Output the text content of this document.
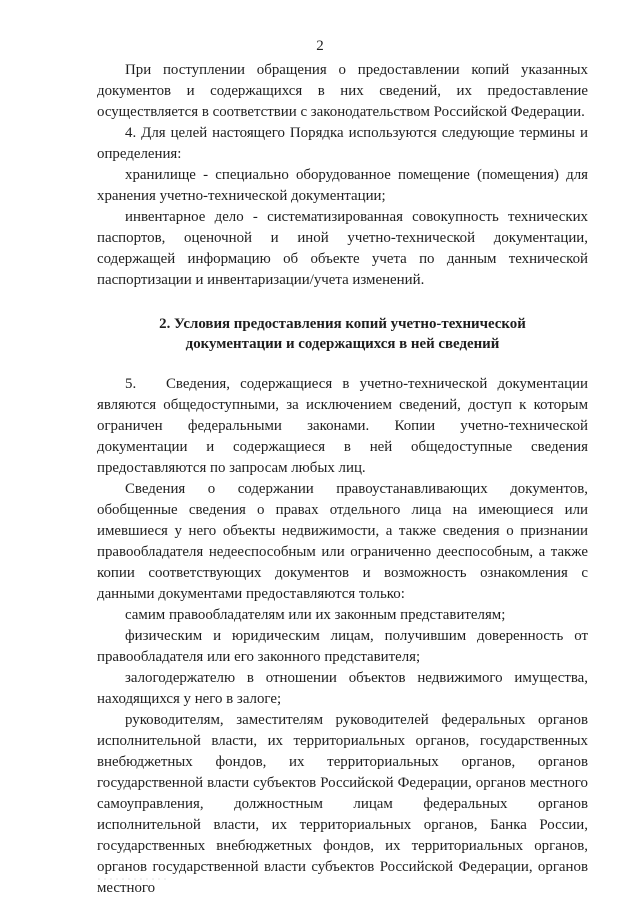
2

При поступлении обращения о предоставлении копий указанных документов и содержащихся в них сведений, их предоставление осуществляется в соответствии с законодательством Российской Федерации.

4. Для целей настоящего Порядка используются следующие термины и определения:

хранилище - специально оборудованное помещение (помещения) для хранения учетно-технической документации;

инвентарное дело - систематизированная совокупность технических паспортов, оценочной и иной учетно-технической документации, содержащей информацию об объекте учета по данным технической паспортизации и инвентаризации/учета изменений.

2. Условия предоставления копий учетно-технической
документации и содержащихся в ней сведений

5.  Сведения, содержащиеся в учетно-технической документации являются общедоступными, за исключением сведений, доступ к которым ограничен федеральными законами. Копии учетно-технической документации и содержащиеся в ней общедоступные сведения предоставляются по запросам любых лиц.

Сведения о содержании правоустанавливающих документов, обобщенные сведения о правах отдельного лица на имеющиеся или имевшиеся у него объекты недвижимости, а также сведения о признании правообладателя недееспособным или ограниченно дееспособным, а также копии соответствующих документов и возможность ознакомления с данными документами предоставляются только:

самим правообладателям или их законным представителям;

физическим и юридическим лицам, получившим доверенность от правообладателя или его законного представителя;

залогодержателю в отношении объектов недвижимого имущества, находящихся у него в залоге;

руководителям, заместителям руководителей федеральных органов исполнительной власти, их территориальных органов, государственных внебюджетных фондов, их территориальных органов, органов государственной власти субъектов Российской Федерации, органов местного самоуправления, должностным лицам федеральных органов исполнительной власти, их территориальных органов, Банка России, государственных внебюджетных фондов, их территориальных органов, органов государственной власти субъектов Российской Федерации, органов местного
